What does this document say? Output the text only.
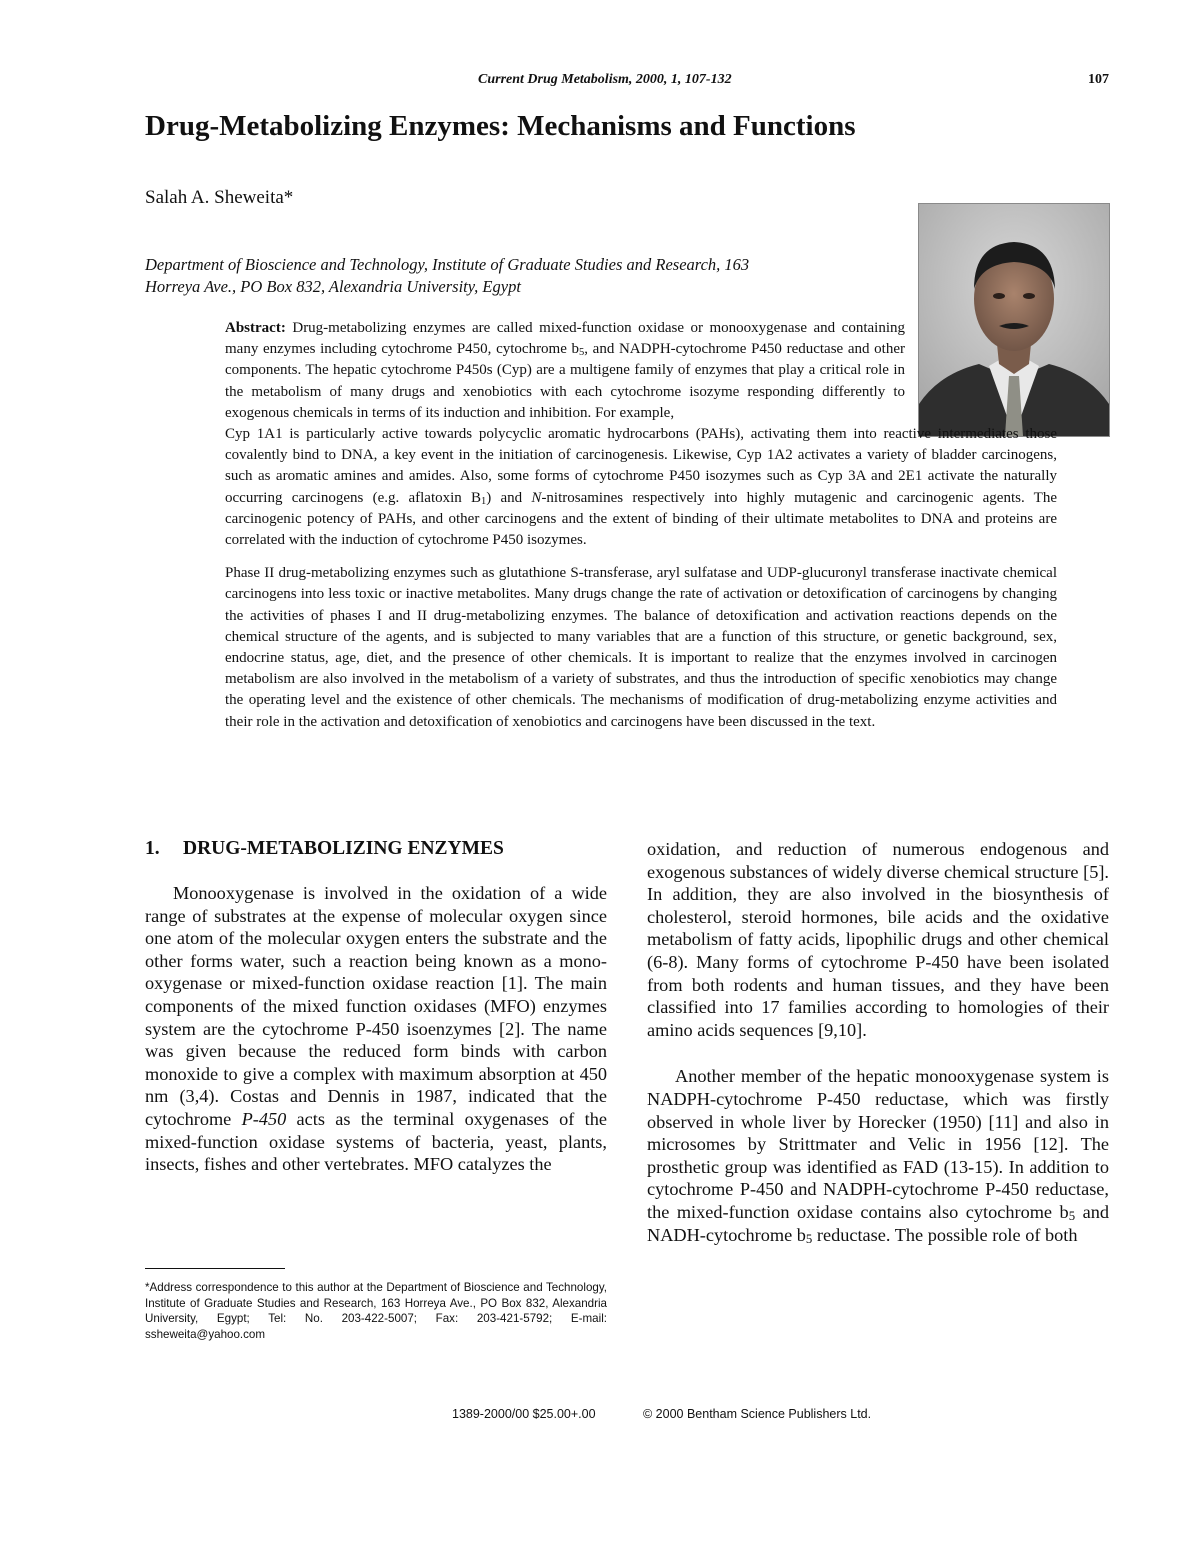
Current Drug Metabolism, 2000, 1, 107-132	107
Drug-Metabolizing Enzymes: Mechanisms and Functions
Salah A. Sheweita*
Department of Bioscience and Technology, Institute of Graduate Studies and Research, 163
Horreya Ave., PO Box 832, Alexandria University, Egypt

Abstract: Drug-metabolizing enzymes are called mixed-function oxidase or monooxygenase and containing many enzymes including cytochrome P450, cytochrome $b_5$, and NADPH-cytochrome P450 reductase and other components. The hepatic cytochrome P450s (Cyp) are a multigene family of enzymes that play a critical role in the metabolism of many drugs and xenobiotics with each cytochrome isozyme responding differently to exogenous chemicals in terms of its induction and inhibition. For example,
Cyp 1A1 is particularly active towards polycyclic aromatic hydrocarbons (PAHs), activating them into reactive intermediates those covalently bind to DNA, a key event in the initiation of carcinogenesis. Likewise, Cyp 1A2 activates a variety of bladder carcinogens, such as aromatic amines and amides. Also, some forms of cytochrome P450 isozymes such as Cyp 3A and 2E1 activate the naturally occurring carcinogens (e.g. aflatoxin $B_1$) and N-nitrosamines respectively into highly mutagenic and carcinogenic agents. The carcinogenic potency of PAHs, and other carcinogens and the extent of binding of their ultimate metabolites to DNA and proteins are correlated with the induction of cytochrome P450 isozymes.

Phase II drug-metabolizing enzymes such as glutathione S-transferase, aryl sulfatase and UDP-glucuronyl transferase inactivate chemical carcinogens into less toxic or inactive metabolites. Many drugs change the rate of activation or detoxification of carcinogens by changing the activities of phases I and II drug-metabolizing enzymes. The balance of detoxification and activation reactions depends on the chemical structure of the agents, and is subjected to many variables that are a function of this structure, or genetic background, sex, endocrine status, age, diet, and the presence of other chemicals. It is important to realize that the enzymes involved in carcinogen metabolism are also involved in the metabolism of a variety of substrates, and thus the introduction of specific xenobiotics may change the operating level and the existence of other chemicals. The mechanisms of modification of drug-metabolizing enzyme activities and their role in the activation and detoxification of xenobiotics and carcinogens have been discussed in the text.

1. DRUG-METABOLIZING ENZYMES

Monooxygenase is involved in the oxidation of a wide range of substrates at the expense of molecular oxygen since one atom of the molecular oxygen enters the substrate and the other forms water, such a reaction being known as a mono-oxygenase or mixed-function oxidase reaction [1]. The main components of the mixed function oxidases (MFO) enzymes system are the cytochrome P-450 isoenzymes [2]. The name was given because the reduced form binds with carbon monoxide to give a complex with maximum absorption at 450 nm (3,4). Costas and Dennis in 1987, indicated that the cytochrome P-450 acts as the terminal oxygenases of the mixed-function oxidase systems of bacteria, yeast, plants, insects, fishes and other vertebrates. MFO catalyzes the

*Address correspondence to this author at the Department of Bioscience and Technology, Institute of Graduate Studies and Research, 163 Horreya Ave., PO Box 832, Alexandria University, Egypt; Tel: No. 203-422-5007; Fax: 203-421-5792; E-mail: ssheweita@yahoo.com

oxidation, and reduction of numerous endogenous and exogenous substances of widely diverse chemical structure [5]. In addition, they are also involved in the biosynthesis of cholesterol, steroid hormones, bile acids and the oxidative metabolism of fatty acids, lipophilic drugs and other chemical (6-8). Many forms of cytochrome P-450 have been isolated from both rodents and human tissues, and they have been classified into 17 families according to homologies of their amino acids sequences [9,10].

Another member of the hepatic monooxygenase system is NADPH-cytochrome P-450 reductase, which was firstly observed in whole liver by Horecker (1950) [11] and also in microsomes by Strittmater and Velic in 1956 [12]. The prosthetic group was identified as FAD (13-15). In addition to cytochrome P-450 and NADPH-cytochrome P-450 reductase, the mixed-function oxidase contains also cytochrome $b_5$ and NADH-cytochrome $b_5$ reductase. The possible role of both

1389-2000/00 $25.00+.00	© 2000 Bentham Science Publishers Ltd.
